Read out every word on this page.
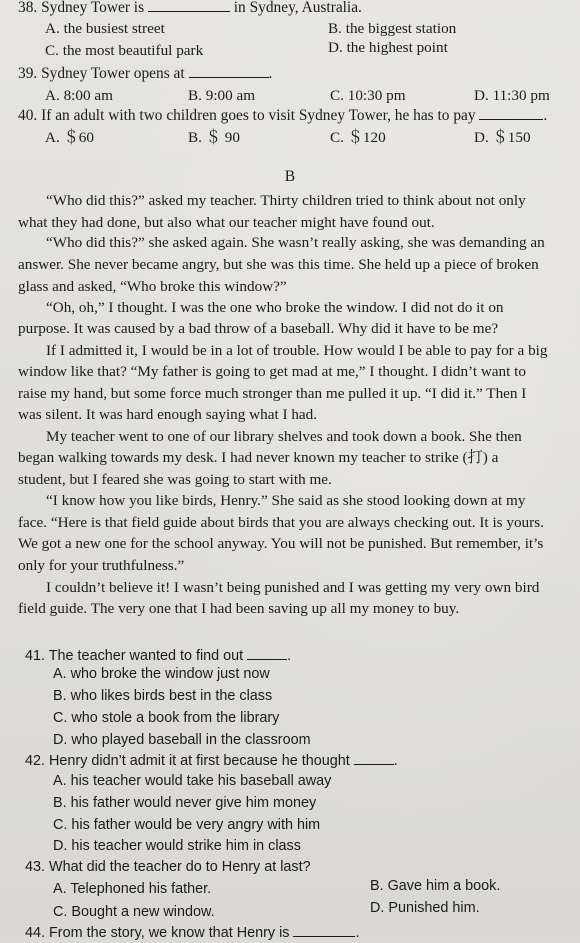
38. Sydney Tower is	in Sydney, Australia.
A. the busiest street	B. the biggest station
C. the most beautiful park	D. the highest point
39. Sydney Tower opens at	.
A. 8:00 am	B. 9:00 am	C. 10:30 pm	D. 11:30 pm
40. If an adult with two children goes to visit Sydney Tower, he has to pay	.
A. ＄60	B. ＄ 90	C. ＄120	D. ＄150
B
“Who did this?” asked my teacher. Thirty children tried to think about not only
what they had done, but also what our teacher might have found out.
“Who did this?” she asked again. She wasn’t really asking, she was demanding an
answer. She never became angry, but she was this time. She held up a piece of broken
glass and asked, “Who broke this window?”
“Oh, oh,” I thought. I was the one who broke the window. I did not do it on
purpose. It was caused by a bad throw of a baseball. Why did it have to be me?
If I admitted it, I would be in a lot of trouble. How would I be able to pay for a big
window like that? “My father is going to get mad at me,” I thought. I didn’t want to
raise my hand, but some force much stronger than me pulled it up. “I did it.” Then I
was silent. It was hard enough saying what I had.
My teacher went to one of our library shelves and took down a book. She then
began walking towards my desk. I had never known my teacher to strike (打) a
student, but I feared she was going to start with me.
“I know how you like birds, Henry.” She said as she stood looking down at my
face. “Here is that field guide about birds that you are always checking out. It is yours.
We got a new one for the school anyway. You will not be punished. But remember, it’s
only for your truthfulness.”
I couldn’t believe it! I wasn’t being punished and I was getting my very own bird
field guide. The very one that I had been saving up all my money to buy.
41. The teacher wanted to find out	.
A. who broke the window just now
B. who likes birds best in the class
C. who stole a book from the library
D. who played baseball in the classroom
42. Henry didn’t admit it at first because he thought	.
A. his teacher would take his baseball away
B. his father would never give him money
C. his father would be very angry with him
D. his teacher would strike him in class
43. What did the teacher do to Henry at last?
A. Telephoned his father.	B. Gave him a book.
C. Bought a new window.	D. Punished him.
44. From the story, we know that Henry is	.
